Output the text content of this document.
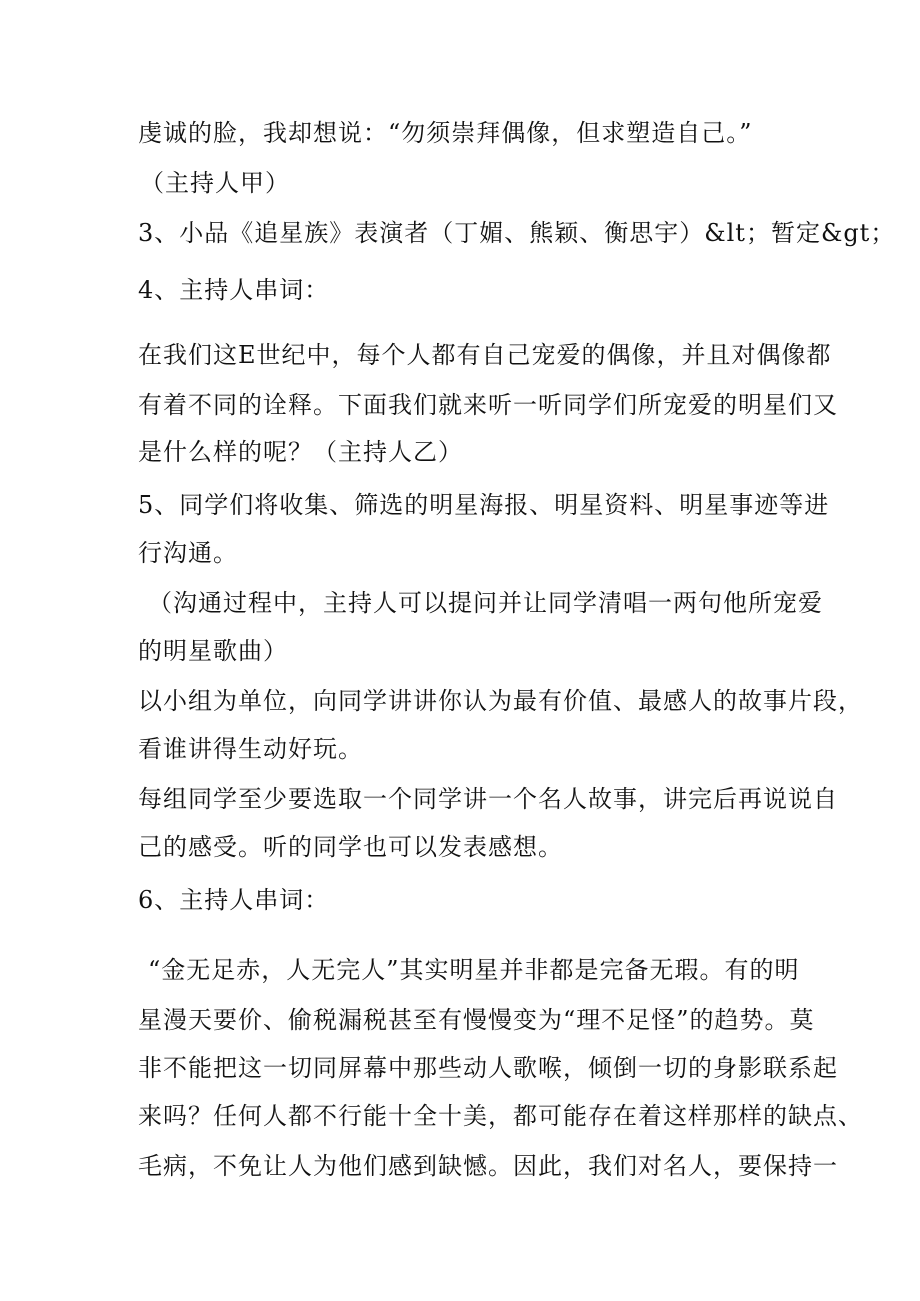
虔诚的脸，我却想说：“勿须崇拜偶像，但求塑造自己。”
（主持人甲）
3、小品《追星族》表演者（丁媚、熊颖、衡思宇）&lt；暂定&gt；
4、主持人串词：
在我们这E世纪中，每个人都有自己宠爱的偶像，并且对偶像都
有着不同的诠释。下面我们就来听一听同学们所宠爱的明星们又
是什么样的呢？（主持人乙）
5、同学们将收集、筛选的明星海报、明星资料、明星事迹等进
行沟通。
（沟通过程中，主持人可以提问并让同学清唱一两句他所宠爱
的明星歌曲）
以小组为单位，向同学讲讲你认为最有价值、最感人的故事片段，
看谁讲得生动好玩。
每组同学至少要选取一个同学讲一个名人故事，讲完后再说说自
己的感受。听的同学也可以发表感想。
6、主持人串词：
“金无足赤，人无完人”其实明星并非都是完备无瑕。有的明
星漫天要价、偷税漏税甚至有慢慢变为“理不足怪”的趋势。莫
非不能把这一切同屏幕中那些动人歌喉，倾倒一切的身影联系起
来吗？任何人都不行能十全十美，都可能存在着这样那样的缺点、
毛病，不免让人为他们感到缺憾。因此，我们对名人，要保持一
